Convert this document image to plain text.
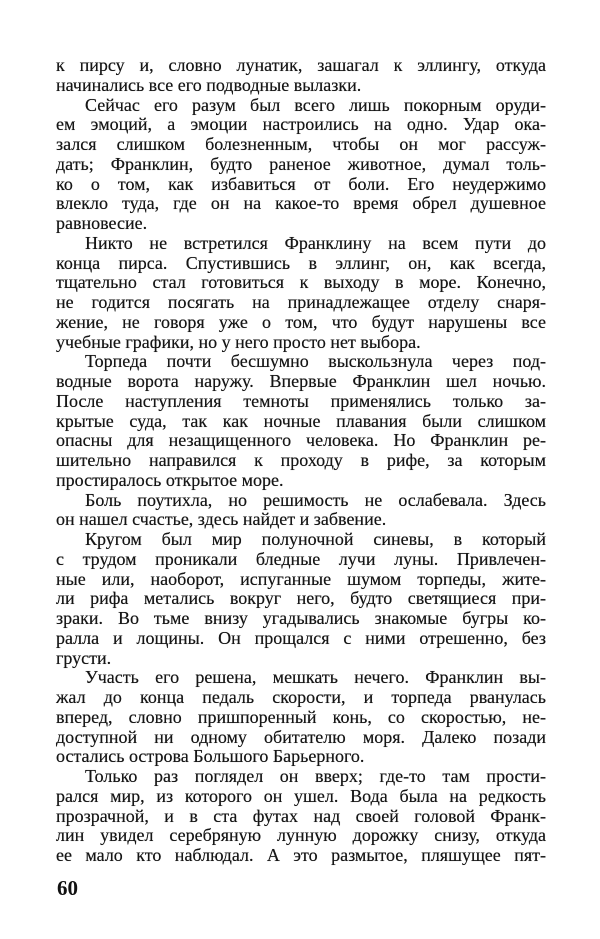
к пирсу и, словно лунатик, зашагал к эллингу, откуда
начинались все его подводные вылазки.
Сейчас его разум был всего лишь покорным оруди-
ем эмоций, а эмоции настроились на одно. Удар ока-
зался слишком болезненным, чтобы он мог рассуж-
дать; Франклин, будто раненое животное, думал толь-
ко о том, как избавиться от боли. Его неудержимо
влекло туда, где он на какое-то время обрел душевное
равновесие.
Никто не встретился Франклину на всем пути до
конца пирса. Спустившись в эллинг, он, как всегда,
тщательно стал готовиться к выходу в море. Конечно,
не годится посягать на принадлежащее отделу снаря-
жение, не говоря уже о том, что будут нарушены все
учебные графики, но у него просто нет выбора.
Торпеда почти бесшумно выскользнула через под-
водные ворота наружу. Впервые Франклин шел ночью.
После наступления темноты применялись только за-
крытые суда, так как ночные плавания были слишком
опасны для незащищенного человека. Но Франклин ре-
шительно направился к проходу в рифе, за которым
простиралось открытое море.
Боль поутихла, но решимость не ослабевала. Здесь
он нашел счастье, здесь найдет и забвение.
Кругом был мир полуночной синевы, в который
с трудом проникали бледные лучи луны. Привлечен-
ные или, наоборот, испуганные шумом торпеды, жите-
ли рифа метались вокруг него, будто светящиеся при-
зраки. Во тьме внизу угадывались знакомые бугры ко-
ралла и лощины. Он прощался с ними отрешенно, без
грусти.
Участь его решена, мешкать нечего. Франклин вы-
жал до конца педаль скорости, и торпеда рванулась
вперед, словно пришпоренный конь, со скоростью, не-
доступной ни одному обитателю моря. Далеко позади
остались острова Большого Барьерного.
Только раз поглядел он вверх; где-то там прости-
рался мир, из которого он ушел. Вода была на редкость
прозрачной, и в ста футах над своей головой Франк-
лин увидел серебряную лунную дорожку снизу, откуда
ее мало кто наблюдал. А это размытое, пляшущее пят-
60
